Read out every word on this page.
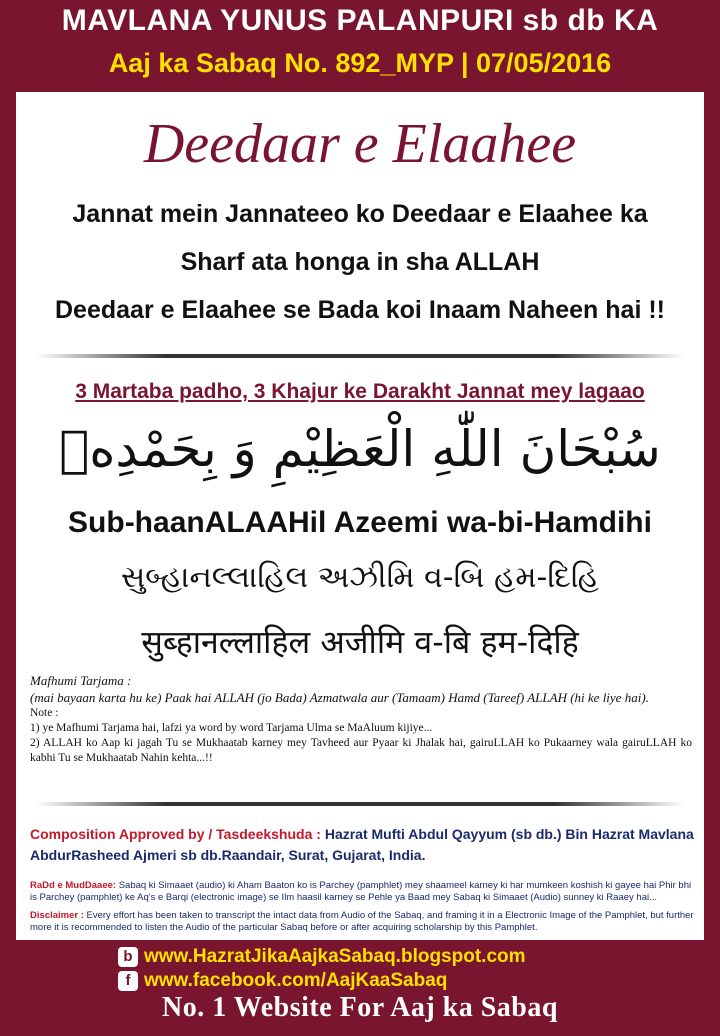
MAVLANA YUNUS PALANPURI sb db KA
Aaj ka Sabaq No. 892_MYP | 07/05/2016
Deedaar e Elaahee
Jannat mein Jannateeo ko Deedaar e Elaahee ka
Sharf ata honga in sha ALLAH
Deedaar e Elaahee se Bada koi Inaam Naheen hai !!
3 Martaba padho, 3 Khajur ke Darakht Jannat mey lagaao
سُبْحَانَ اللّٰهِ الْعَظِيْمِ وَ بِحَمْدِهٖ
Sub-haanALAAHil Azeemi wa-bi-Hamdihi
સુબ્હાનલ્લાહિલ અઝીમિ વ-બિ હમ-દિહિ
सुब्हानल्लाहिल अजीमि व-बि हम-दिहि
Mafhumi Tarjama :
(mai bayaan karta hu ke) Paak hai ALLAH (jo Bada) Azmatwala aur (Tamaam) Hamd (Tareef) ALLAH (hi ke liye hai).
Note :
1) ye Mafhumi Tarjama hai, lafzi ya word by word Tarjama Ulma se MaAluum kijiye...
2) ALLAH ko Aap ki jagah Tu se Mukhaatab karney mey Tavheed aur Pyaar ki Jhalak hai, gairuLLAH ko Pukaarney wala gairuLLAH ko kabhi Tu se Mukhaatab Nahin kehta...!!
Composition Approved by / Tasdeekshuda : Hazrat Mufti Abdul Qayyum (sb db.) Bin Hazrat Mavlana AbdurRasheed Ajmeri sb db.Raandair, Surat, Gujarat, India.
RaDd e MudDaaee: Sabaq ki Simaaet (audio) ki Aham Baaton ko is Parchey (pamphlet) mey shaameel karney ki har mumkeen koshish ki gayee hai Phir bhi is Parchey (pamphlet) ke Aq's e Barqi (electronic image) se Ilm haasil karney se Pehle ya Baad mey Sabaq ki Simaaet (Audio) sunney ki Raaey hai...
Disclaimer : Every effort has been taken to transcript the intact data from Audio of the Sabaq, and framing it in a Electronic Image of the Pamphlet, but further more it is recommended to listen the Audio of the particular Sabaq before or after acquiring scholarship by this Pamphlet.
b www.HazratJikaAajkaSabaq.blogspot.com
f www.facebook.com/AajKaaSabaq
No. 1 Website For Aaj ka Sabaq
